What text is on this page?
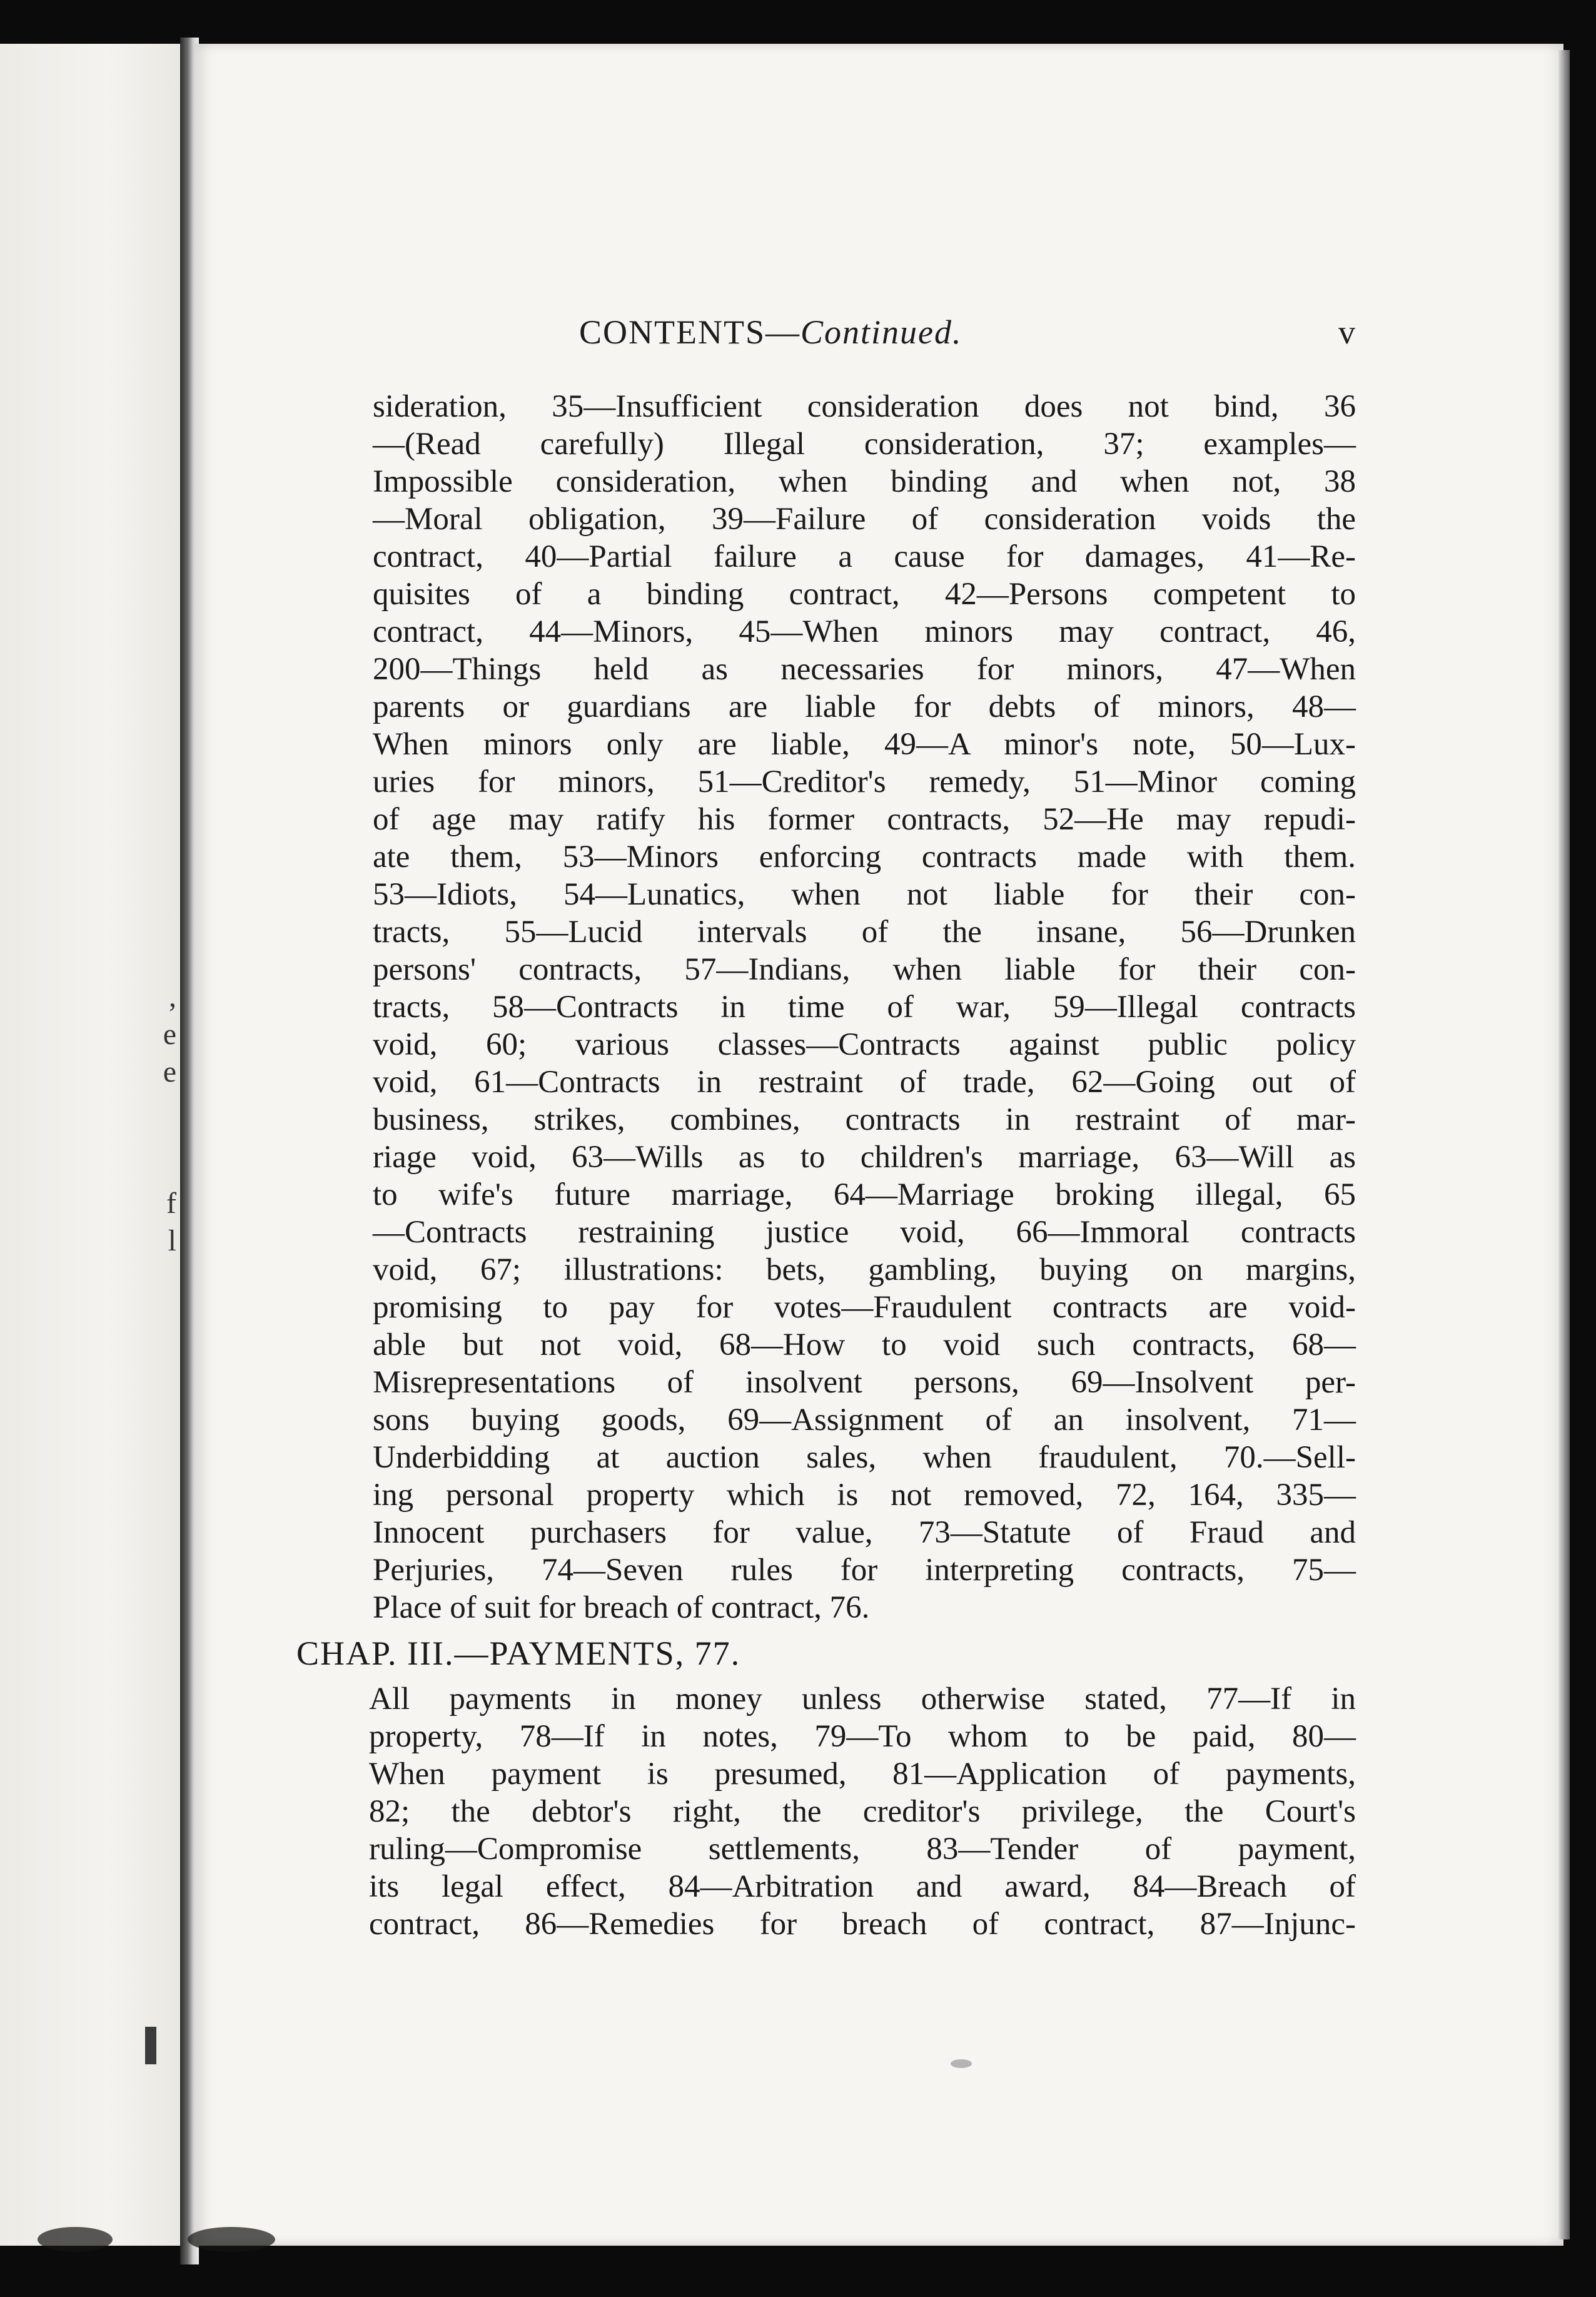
,
e
e
f
l
CONTENTS—Continued.	v
sideration, 35—Insufficient consideration does not bind, 36
—(Read carefully) Illegal consideration, 37; examples—
Impossible consideration, when binding and when not, 38
—Moral obligation, 39—Failure of consideration voids the
contract, 40—Partial failure a cause for damages, 41—Re-
quisites of a binding contract, 42—Persons competent to
contract, 44—Minors, 45—When minors may contract, 46,
200—Things held as necessaries for minors, 47—When
parents or guardians are liable for debts of minors, 48—
When minors only are liable, 49—A minor's note, 50—Lux-
uries for minors, 51—Creditor's remedy, 51—Minor coming
of age may ratify his former contracts, 52—He may repudi-
ate them, 53—Minors enforcing contracts made with them.
53—Idiots, 54—Lunatics, when not liable for their con-
tracts, 55—Lucid intervals of the insane, 56—Drunken
persons' contracts, 57—Indians, when liable for their con-
tracts, 58—Contracts in time of war, 59—Illegal contracts
void, 60; various classes—Contracts against public policy
void, 61—Contracts in restraint of trade, 62—Going out of
business, strikes, combines, contracts in restraint of mar-
riage void, 63—Wills as to children's marriage, 63—Will as
to wife's future marriage, 64—Marriage broking illegal, 65
—Contracts restraining justice void, 66—Immoral contracts
void, 67; illustrations: bets, gambling, buying on margins,
promising to pay for votes—Fraudulent contracts are void-
able but not void, 68—How to void such contracts, 68—
Misrepresentations of insolvent persons, 69—Insolvent per-
sons buying goods, 69—Assignment of an insolvent, 71—
Underbidding at auction sales, when fraudulent, 70.—Sell-
ing personal property which is not removed, 72, 164, 335—
Innocent purchasers for value, 73—Statute of Fraud and
Perjuries, 74—Seven rules for interpreting contracts, 75—
Place of suit for breach of contract, 76.
CHAP. III.—PAYMENTS, 77.
All payments in money unless otherwise stated, 77—If in
property, 78—If in notes, 79—To whom to be paid, 80—
When payment is presumed, 81—Application of payments,
82; the debtor's right, the creditor's privilege, the Court's
ruling—Compromise settlements, 83—Tender of payment,
its legal effect, 84—Arbitration and award, 84—Breach of
contract, 86—Remedies for breach of contract, 87—Injunc-
